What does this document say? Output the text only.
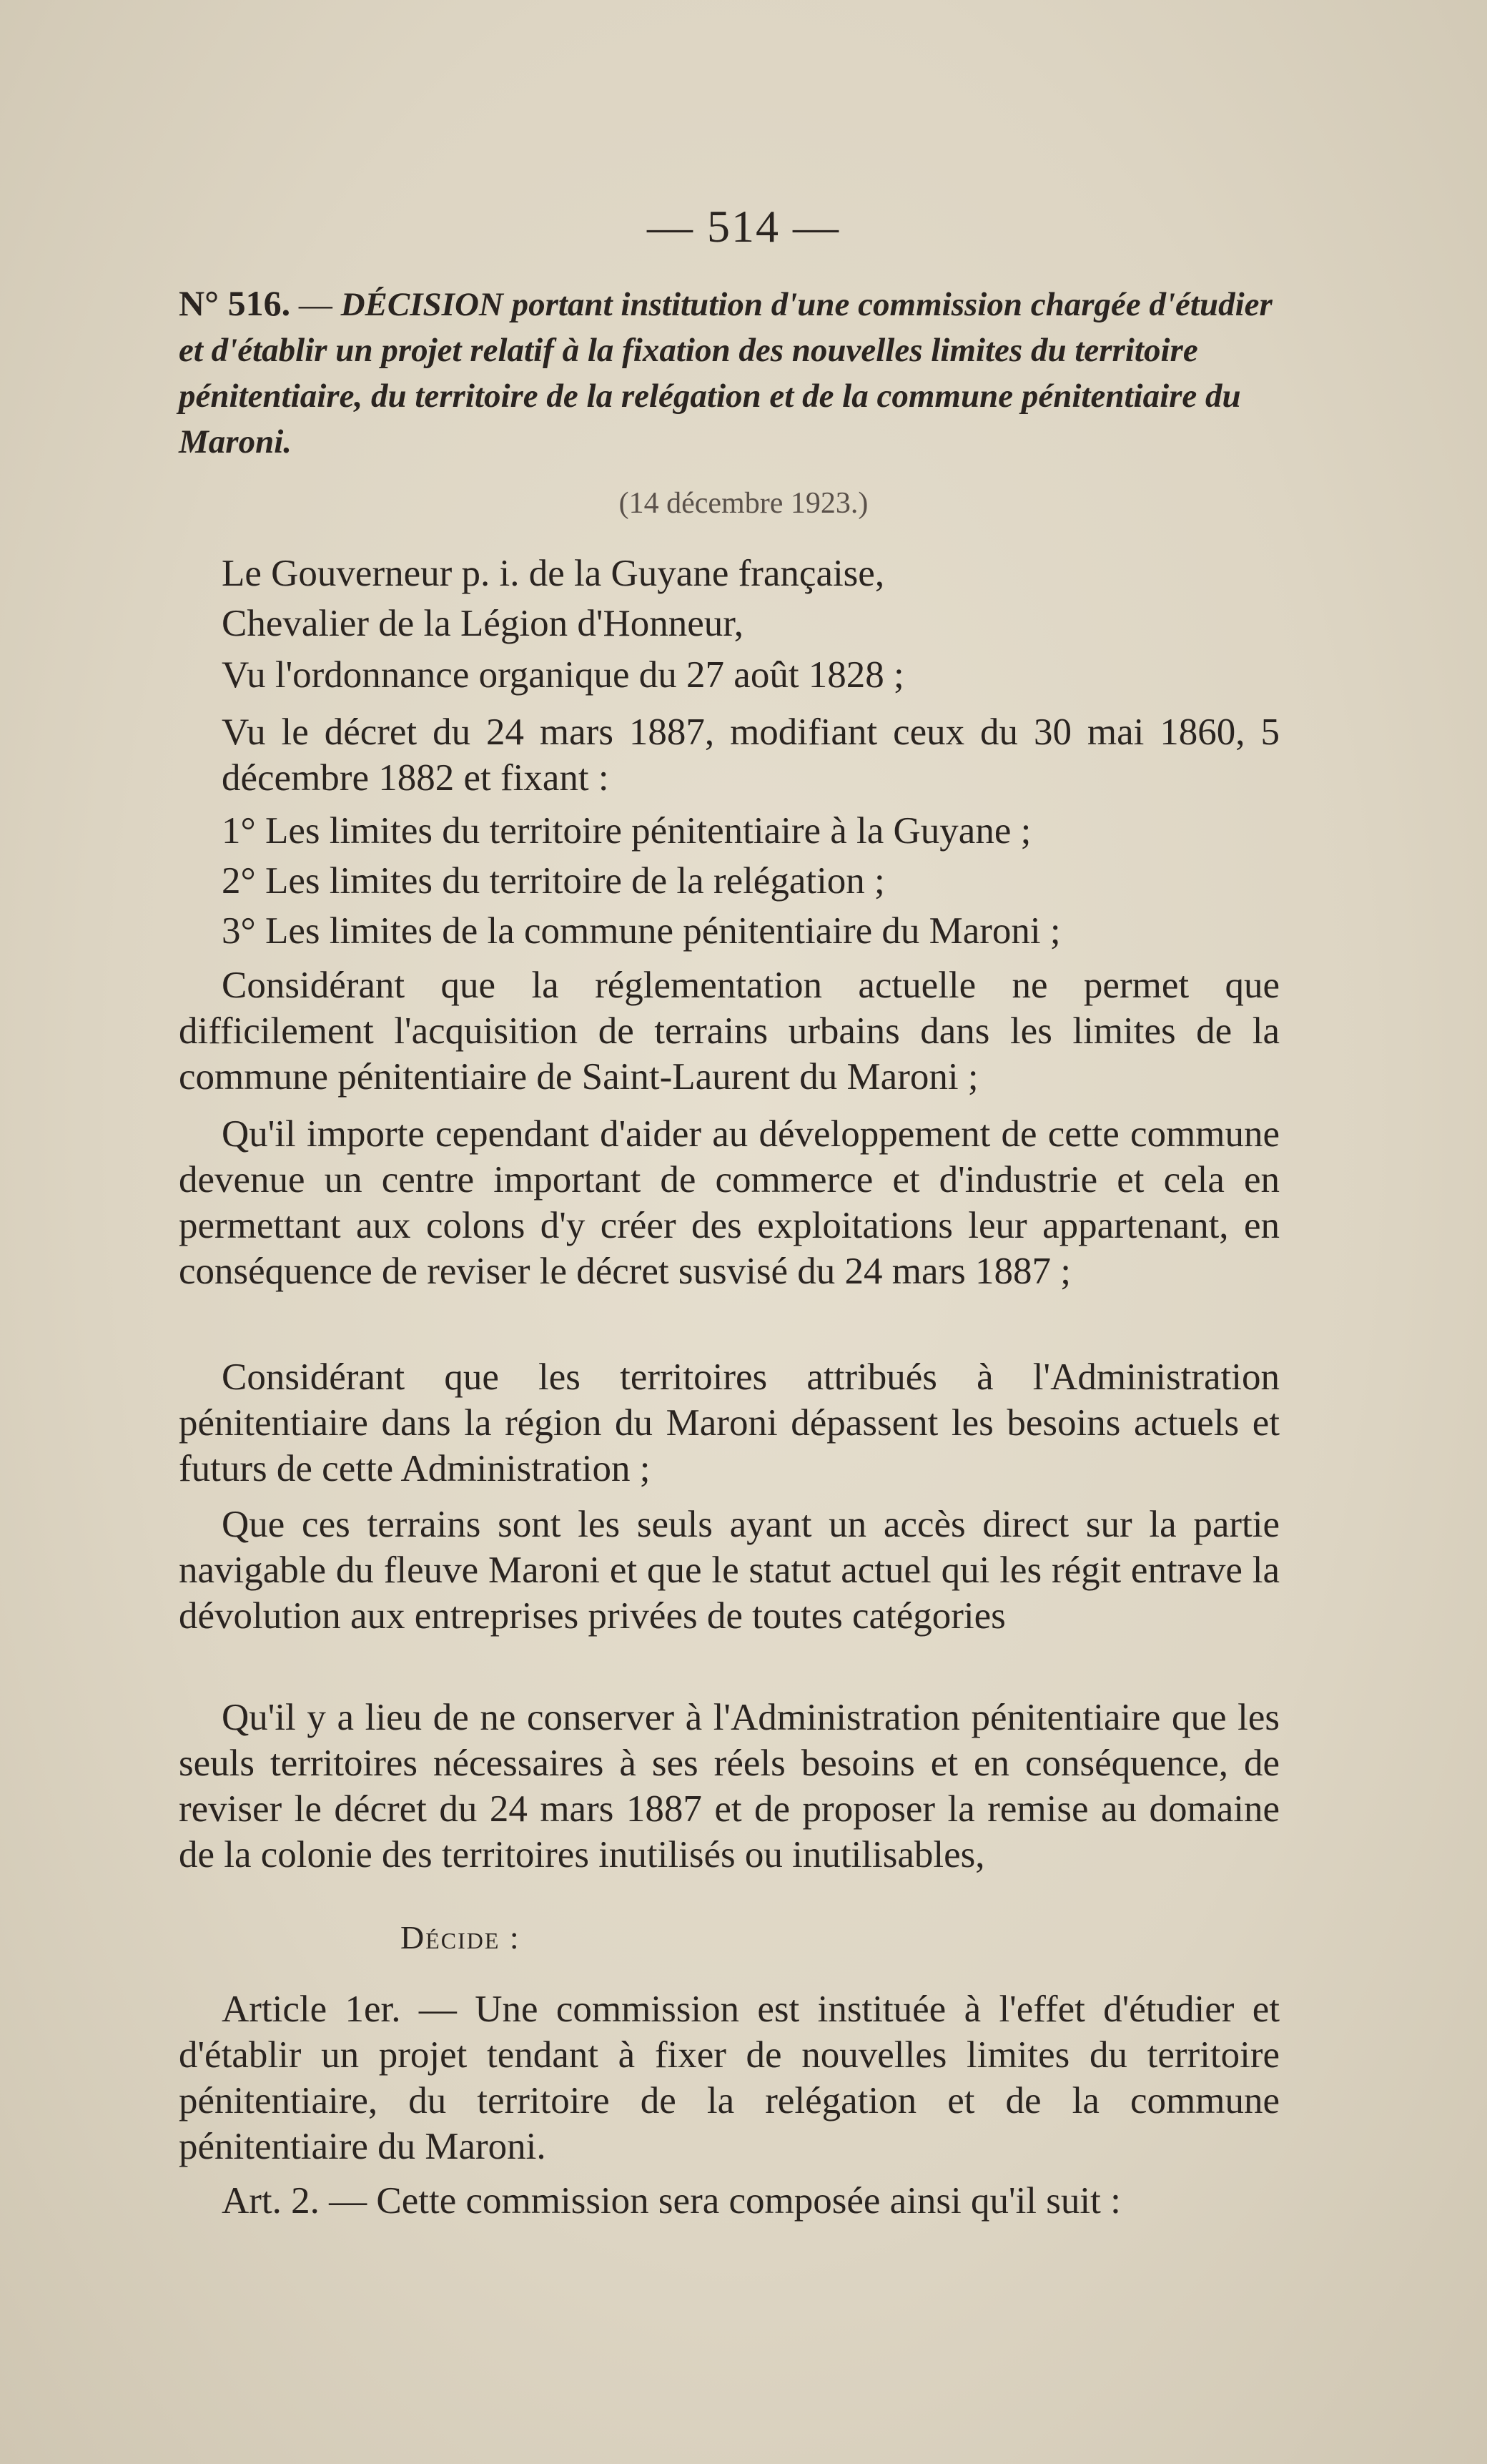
— 514 —
N° 516. — DÉCISION portant institution d'une commission chargée d'étudier et d'établir un projet relatif à la fixation des nouvelles limites du territoire pénitentiaire, du territoire de la relégation et de la commune pénitentiaire du Maroni.
(14 décembre 1923.)
Le Gouverneur p. i. de la Guyane française,
Chevalier de la Légion d'Honneur,
Vu l'ordonnance organique du 27 août 1828 ;
Vu le décret du 24 mars 1887, modifiant ceux du 30 mai 1860, 5 décembre 1882 et fixant :
1° Les limites du territoire pénitentiaire à la Guyane ;
2° Les limites du territoire de la relégation ;
3° Les limites de la commune pénitentiaire du Maroni ;
Considérant que la réglementation actuelle ne permet que difficilement l'acquisition de terrains urbains dans les limites de la commune pénitentiaire de Saint-Laurent du Maroni ;
Qu'il importe cependant d'aider au développement de cette commune devenue un centre important de commerce et d'industrie et cela en permettant aux colons d'y créer des exploitations leur appartenant, en conséquence de reviser le décret susvisé du 24 mars 1887 ;
Considérant que les territoires attribués à l'Administration pénitentiaire dans la région du Maroni dépassent les besoins actuels et futurs de cette Administration ;
Que ces terrains sont les seuls ayant un accès direct sur la partie navigable du fleuve Maroni et que le statut actuel qui les régit entrave la dévolution aux entreprises privées de toutes catégories
Qu'il y a lieu de ne conserver à l'Administration pénitentiaire que les seuls territoires nécessaires à ses réels besoins et en conséquence, de reviser le décret du 24 mars 1887 et de proposer la remise au domaine de la colonie des territoires inutilisés ou inutilisables,
Article 1er. — Une commission est instituée à l'effet d'étudier et d'établir un projet tendant à fixer de nouvelles limites du territoire pénitentiaire, du territoire de la relégation et de la commune pénitentiaire du Maroni.
Art. 2. — Cette commission sera composée ainsi qu'il suit :
Décide :
